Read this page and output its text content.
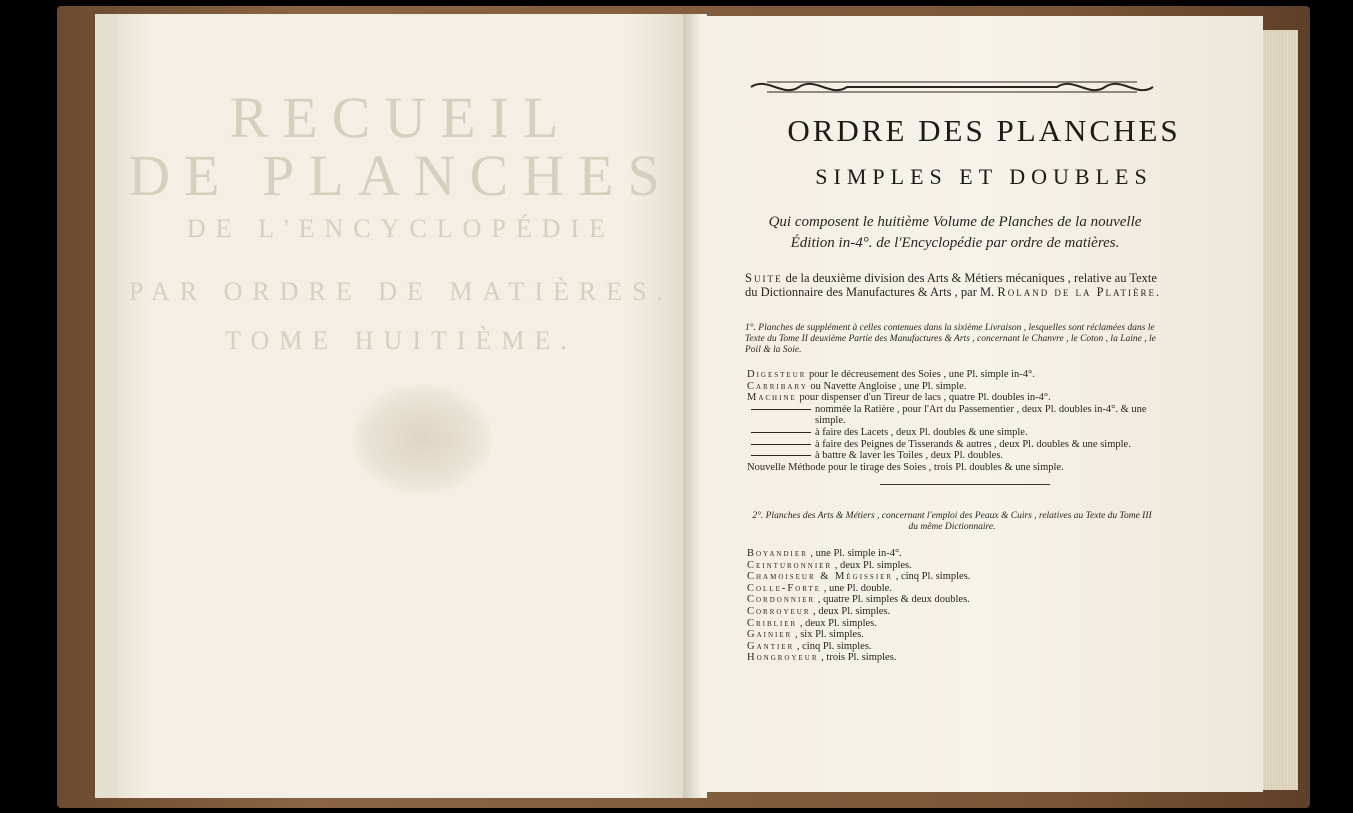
RECUEIL
DE PLANCHES
DE L'ENCYCLOPÉDIE
PAR ORDRE DE MATIÈRES.
TOME HUITIÈME.
ORDRE DES PLANCHES
SIMPLES ET DOUBLES
Qui composent le huitième Volume de Planches de la nouvelle Édition in-4°. de l'Encyclopédie par ordre de matières.
Suite de la deuxième division des Arts & Métiers mécaniques , relative au Texte du Dictionnaire des Manufactures & Arts , par M. Roland de la Platière.
1°. Planches de supplément à celles contenues dans la sixième Livraison , lesquelles sont réclamées dans le Texte du Tome II deuxième Partie des Manufactures & Arts , concernant le Chanvre , le Coton , la Laine , le Poil & la Soie.
Digesteur pour le décreusement des Soies , une Pl. simple in-4°.
Carribary ou Navette Angloise , une Pl. simple.
Machine pour dispenser d'un Tireur de lacs , quatre Pl. doubles in-4°.
nommée la Ratière , pour l'Art du Passementier , deux Pl. doubles in-4°. & une simple.
à faire des Lacets , deux Pl. doubles & une simple.
à faire des Peignes de Tisserands & autres , deux Pl. doubles & une simple.
à battre & laver les Toiles , deux Pl. doubles.
Nouvelle Méthode pour le tirage des Soies , trois Pl. doubles & une simple.
2°. Planches des Arts & Métiers , concernant l'emploi des Peaux & Cuirs , relatives au Texte du Tome III du même Dictionnaire.
Boyandier , une Pl. simple in-4°.
Ceinturonnier , deux Pl. simples.
Chamoiseur & Mégissier , cinq Pl. simples.
Colle-Forte , une Pl. double.
Cordonnier , quatre Pl. simples & deux doubles.
Corroyeur , deux Pl. simples.
Criblier , deux Pl. simples.
Gainier , six Pl. simples.
Gantier , cinq Pl. simples.
Hongroyeur , trois Pl. simples.
